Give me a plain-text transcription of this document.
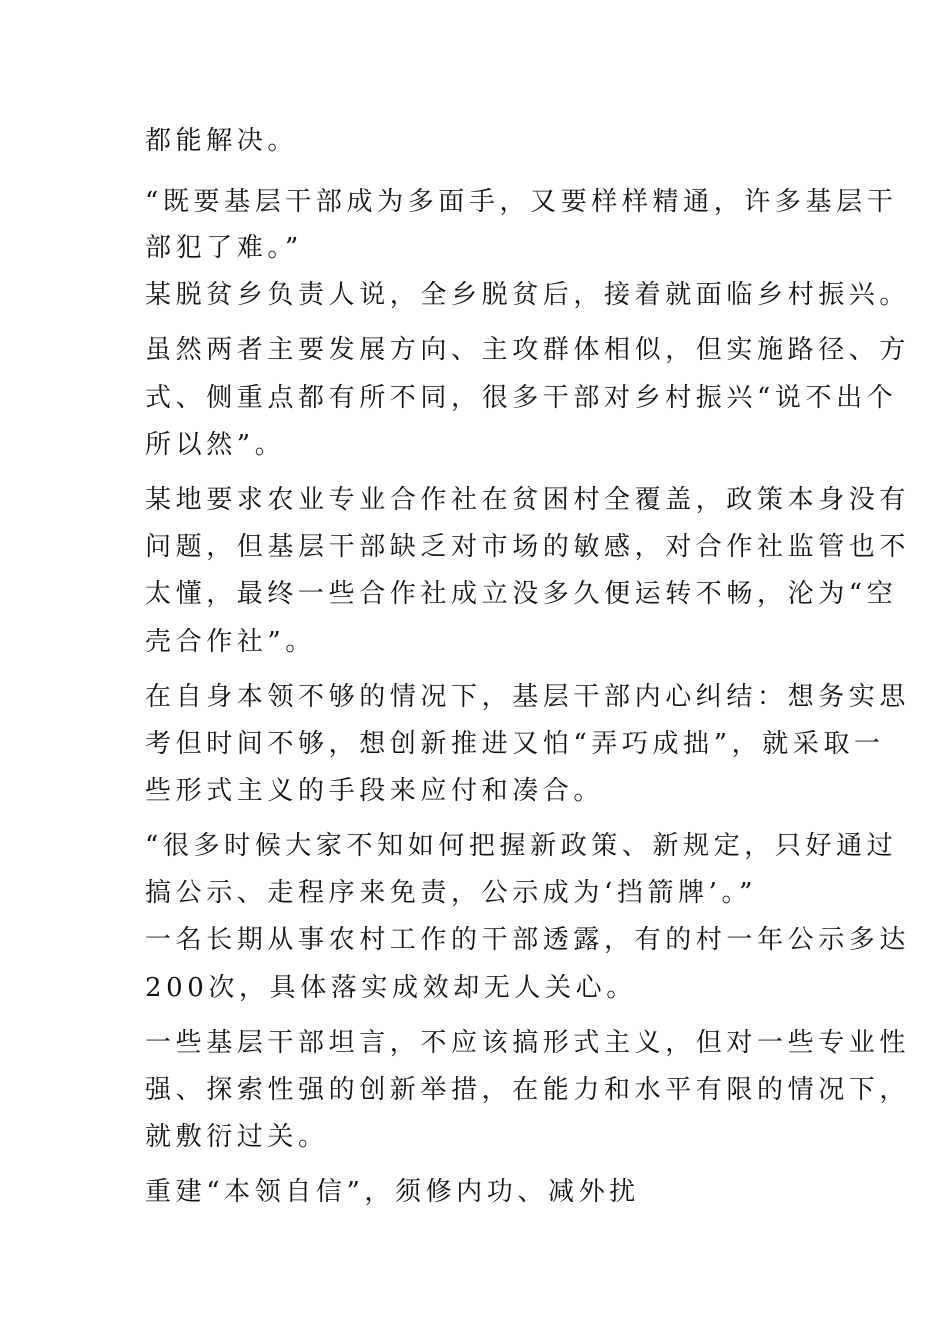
都能解决。
“既要基层干部成为多面手，又要样样精通，许多基层干
部犯了难。”
某脱贫乡负责人说，全乡脱贫后，接着就面临乡村振兴。
虽然两者主要发展方向、主攻群体相似，但实施路径、方
式、侧重点都有所不同，很多干部对乡村振兴“说不出个
所以然”。
某地要求农业专业合作社在贫困村全覆盖，政策本身没有
问题，但基层干部缺乏对市场的敏感，对合作社监管也不
太懂，最终一些合作社成立没多久便运转不畅，沦为“空
壳合作社”。
在自身本领不够的情况下，基层干部内心纠结：想务实思
考但时间不够，想创新推进又怕“弄巧成拙”，就采取一
些形式主义的手段来应付和凑合。
“很多时候大家不知如何把握新政策、新规定，只好通过
搞公示、走程序来免责，公示成为‘挡箭牌’。”
一名长期从事农村工作的干部透露，有的村一年公示多达
200次，具体落实成效却无人关心。
一些基层干部坦言，不应该搞形式主义，但对一些专业性
强、探索性强的创新举措，在能力和水平有限的情况下，
就敷衍过关。
重建“本领自信”，须修内功、减外扰
